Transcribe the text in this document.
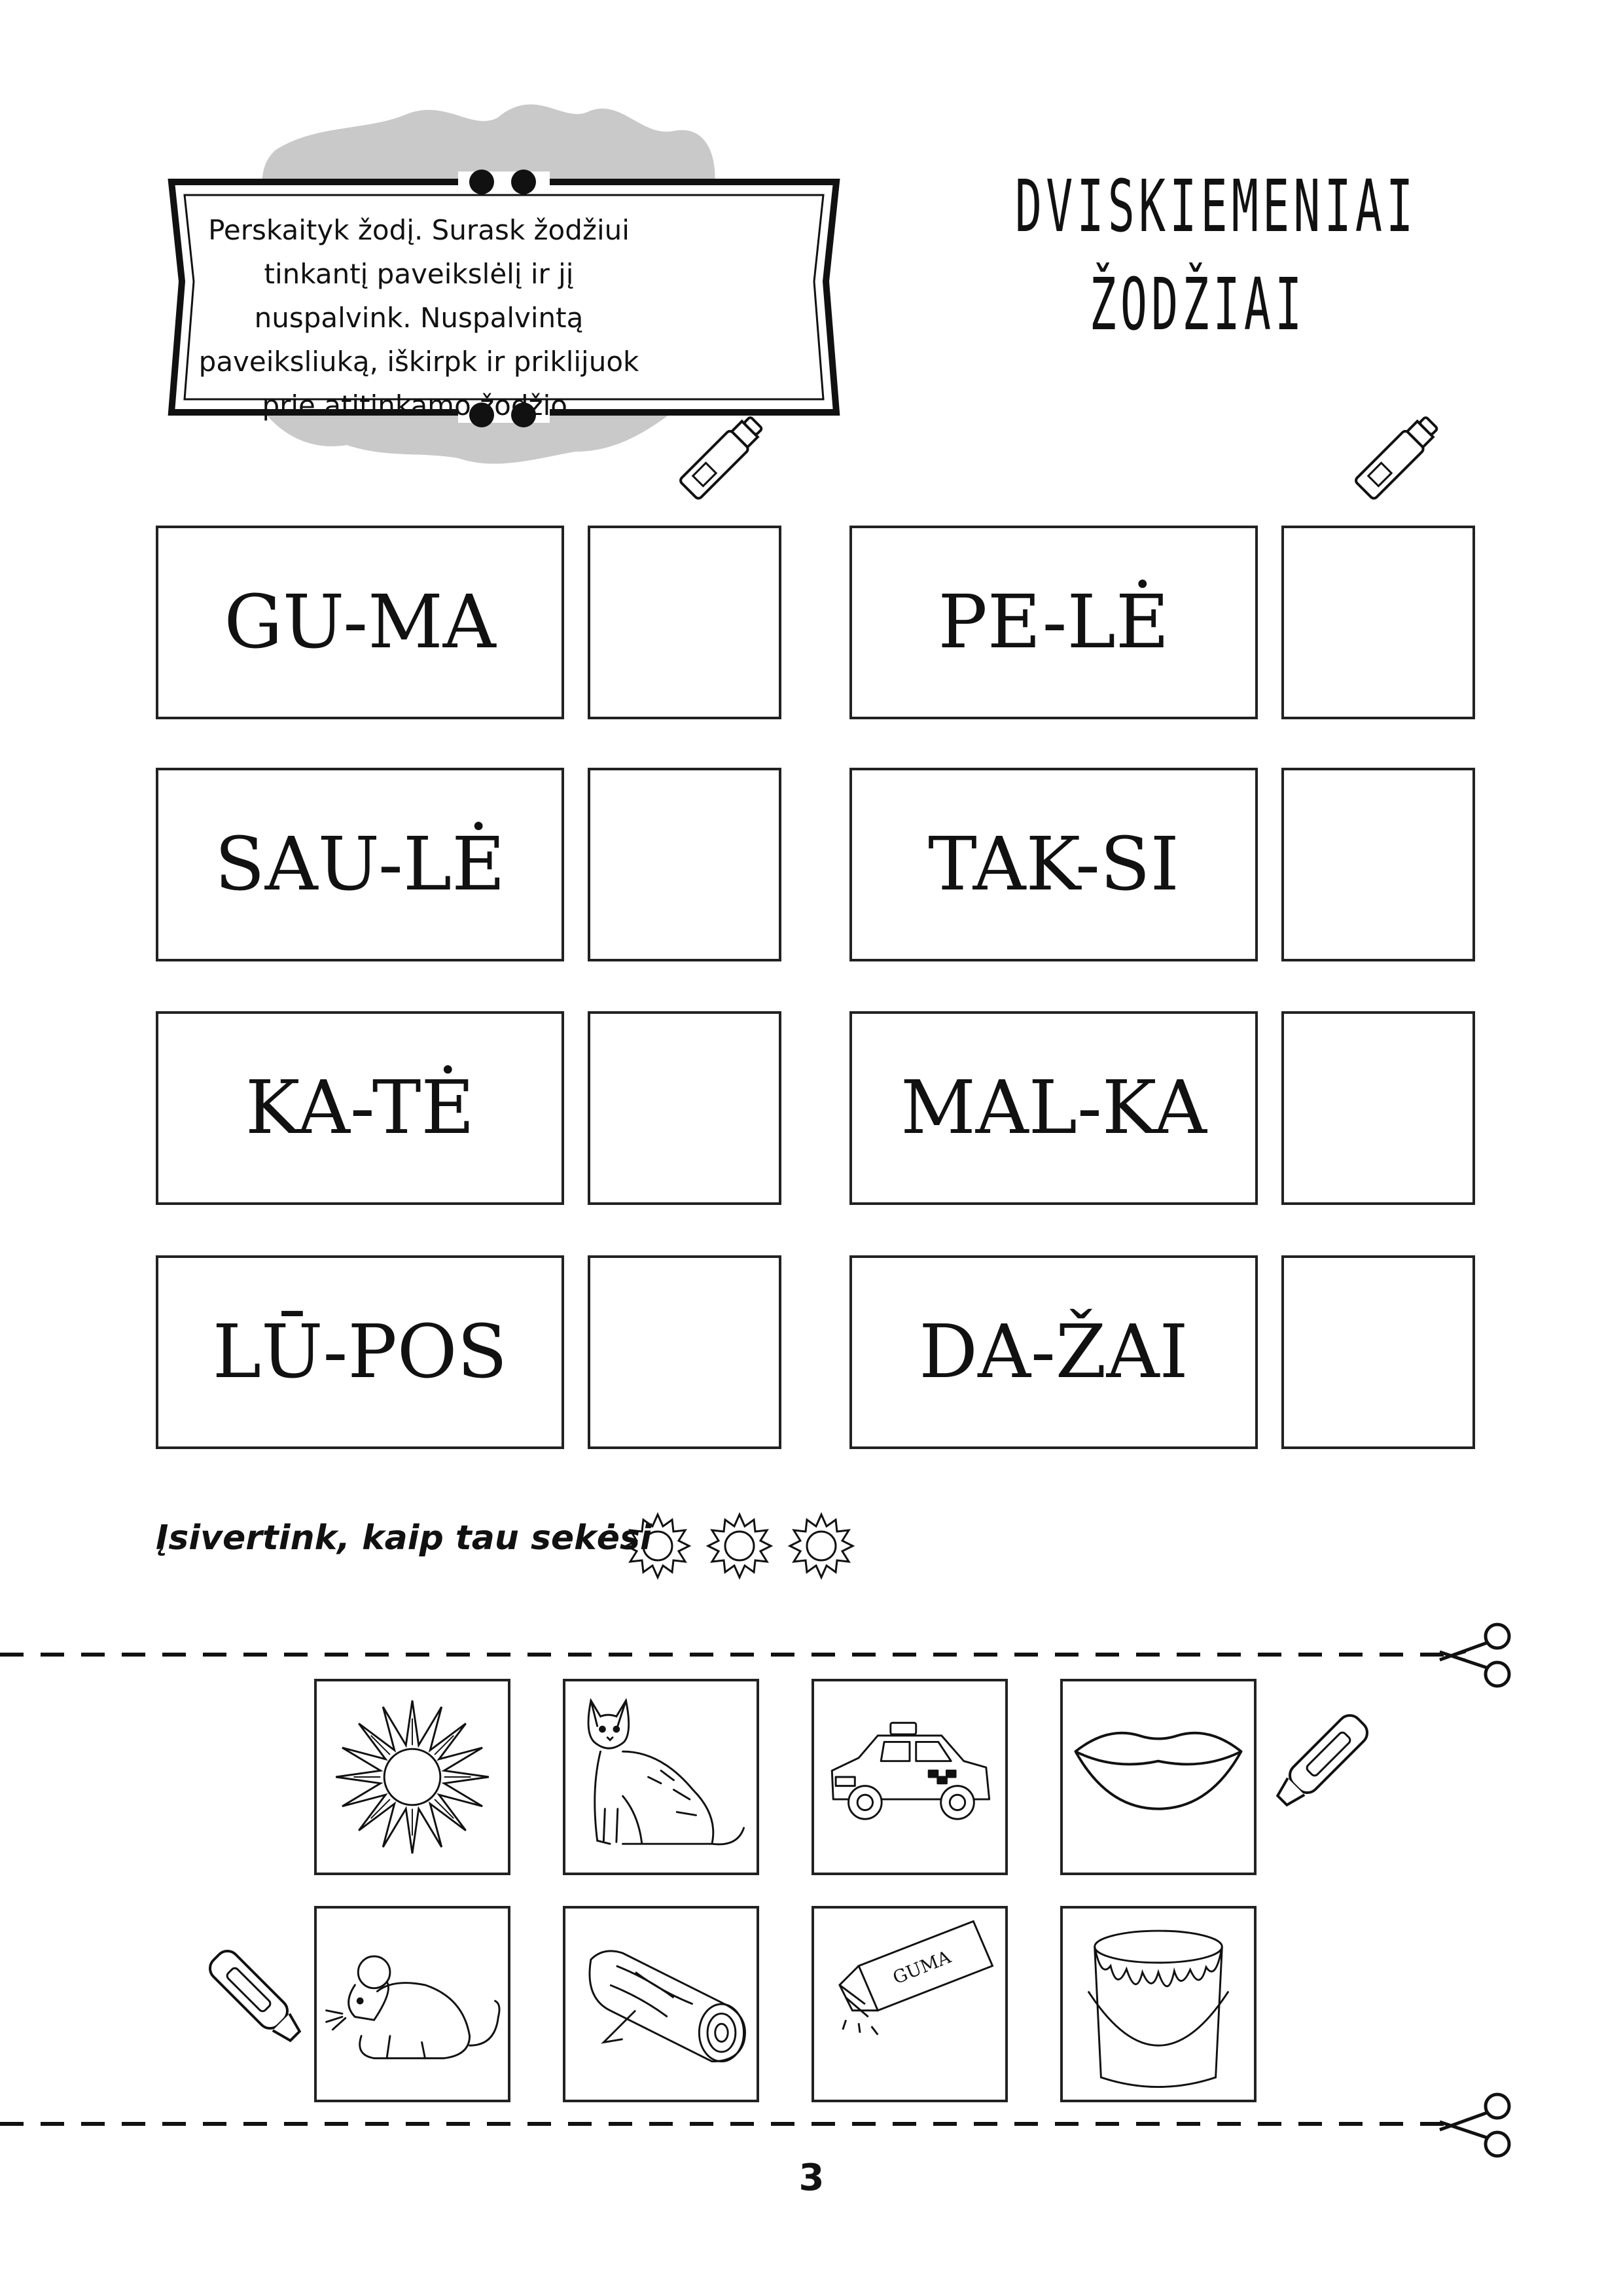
Perskaityk žodį. Surask žodžiui tinkantį paveikslėlį ir jį nuspalvink. Nuspalvintą paveiksliuką, iškirpk ir priklijuok prie atitinkamo žodžio.
DVISKIEMENIAI
ŽODŽIAI
GU-MA	PE-LĖ
SAU-LĖ	TAK-SI
KA-TĖ	MAL-KA
LŪ-POS	DA-ŽAI
Įsivertink, kaip tau sekėsi
GUMA
3
